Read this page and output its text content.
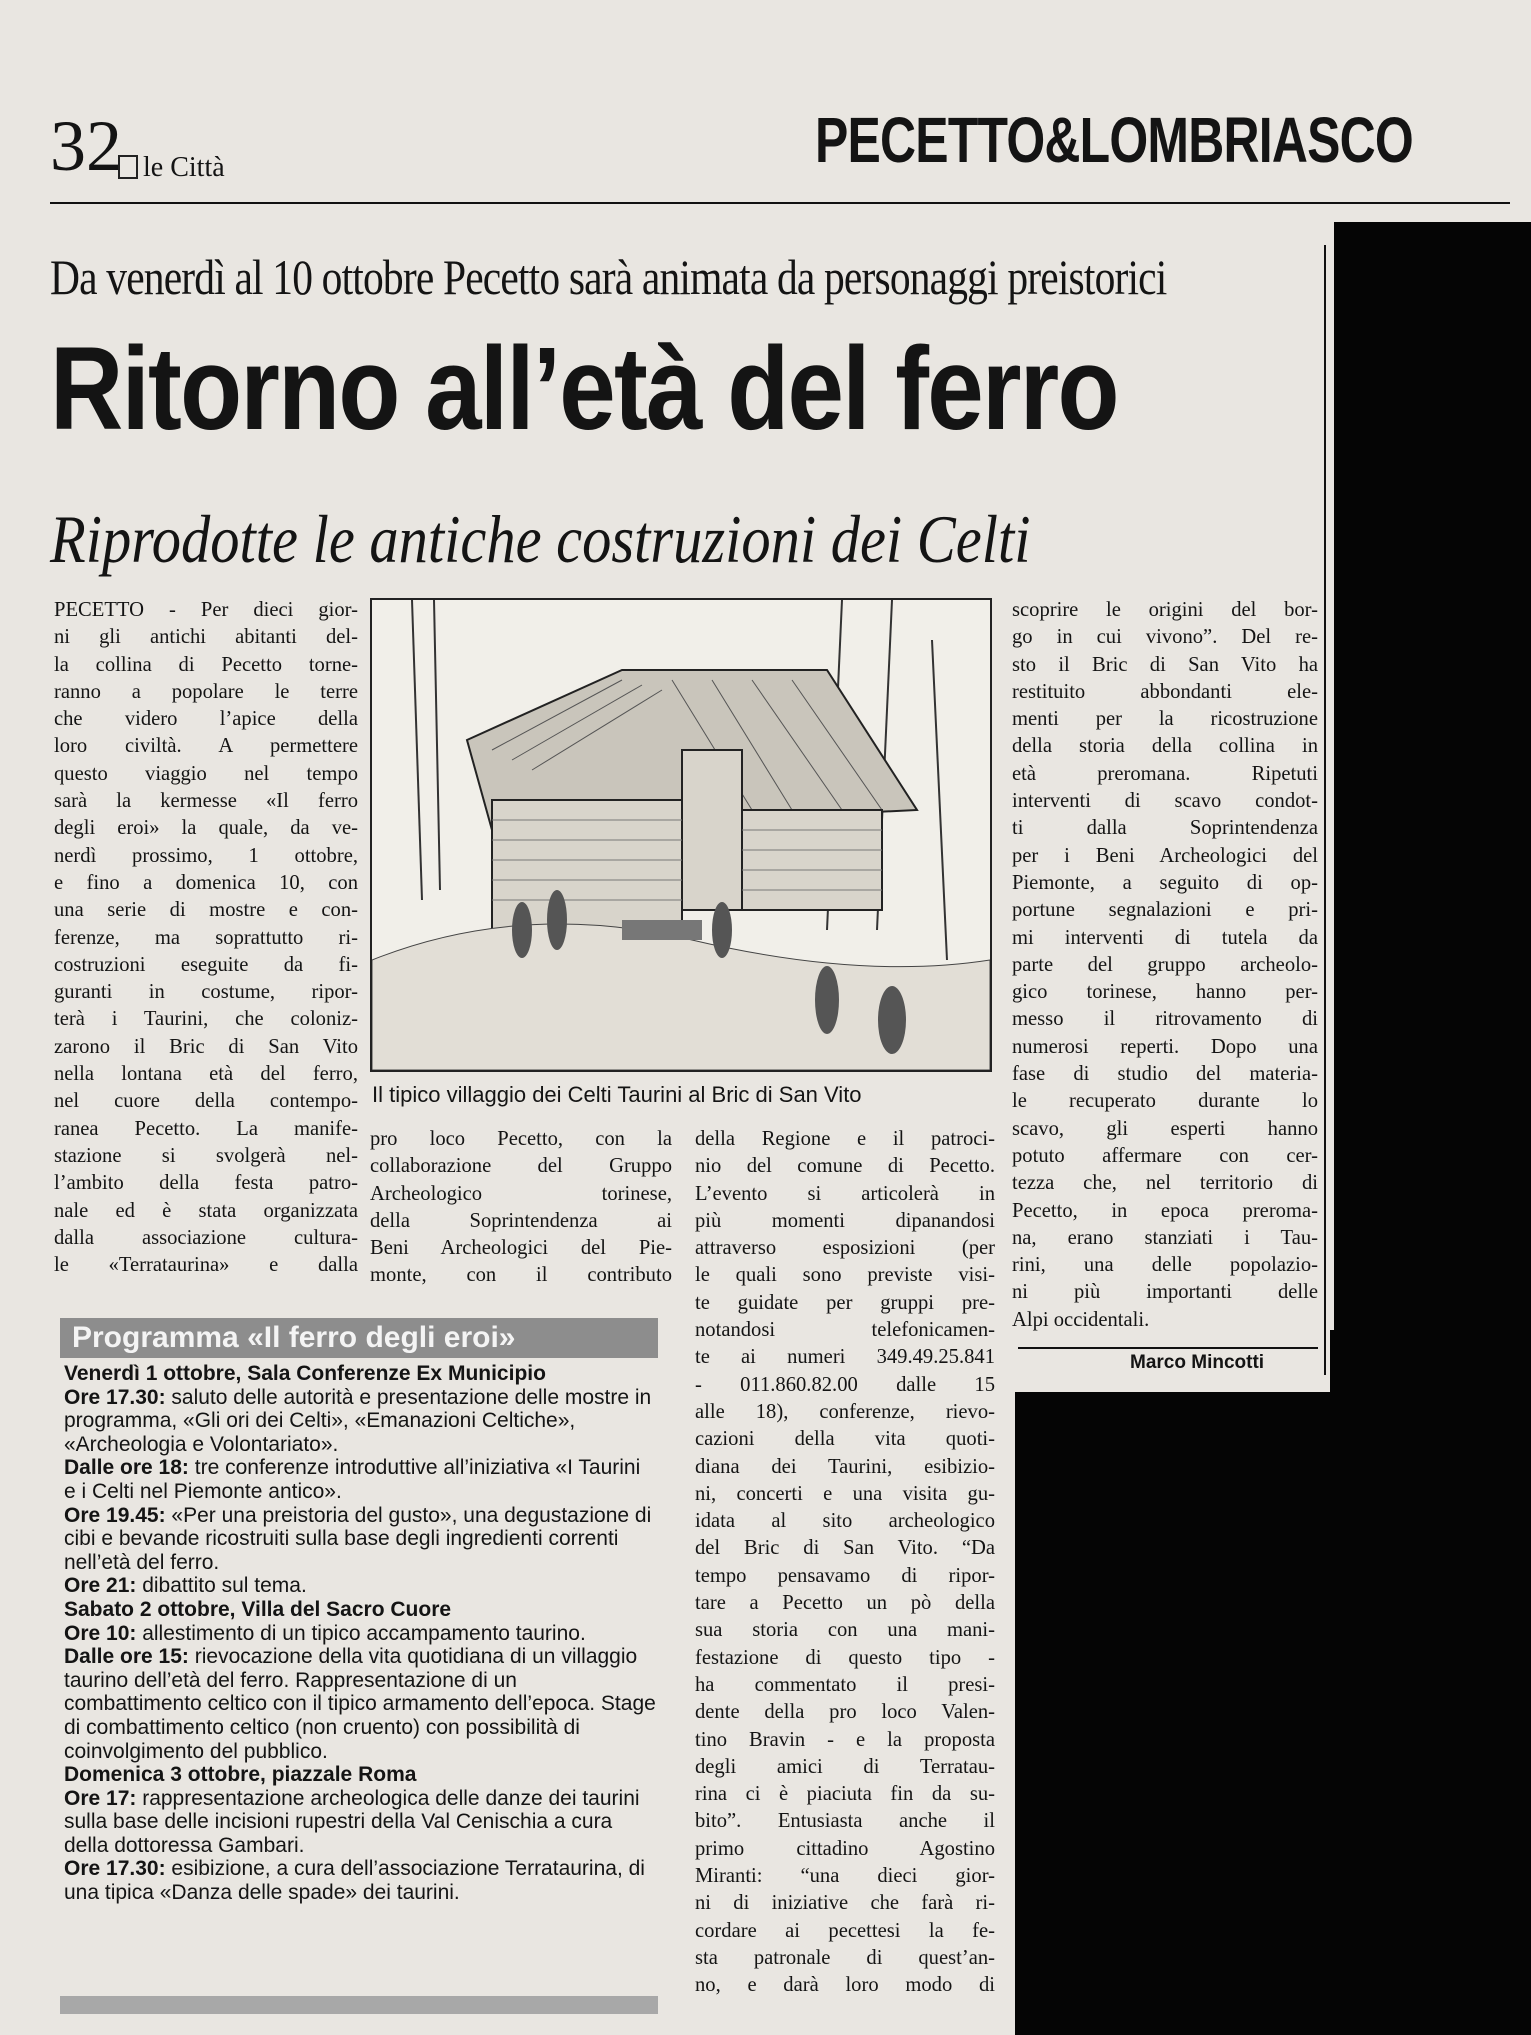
32 le Città	PECETTO&LOMBRIASCO
Da venerdì al 10 ottobre Pecetto sarà animata da personaggi preistorici
Ritorno all’età del ferro
Riprodotte le antiche costruzioni dei Celti
PECETTO - Per dieci gior-
ni gli antichi abitanti del-
la collina di Pecetto torne-
ranno a popolare le terre
che videro l’apice della
loro civiltà. A permettere
questo viaggio nel tempo
sarà la kermesse «Il ferro
degli eroi» la quale, da ve-
nerdì prossimo, 1 ottobre,
e fino a domenica 10, con
una serie di mostre e con-
ferenze, ma soprattutto ri-
costruzioni eseguite da fi-
guranti in costume, ripor-
terà i Taurini, che coloniz-
zarono il Bric di San Vito
nella lontana età del ferro,
nel cuore della contempo-
ranea Pecetto. La manife-
stazione si svolgerà nel-
l’ambito della festa patro-
nale ed è stata organizzata
dalla associazione cultura-
le «Terrataurina» e dalla
Il tipico villaggio dei Celti Taurini al Bric di San Vito
pro loco Pecetto, con la
collaborazione del Gruppo
Archeologico torinese,
della Soprintendenza ai
Beni Archeologici del Pie-
monte, con il contributo
della Regione e il patroci-
nio del comune di Pecetto.
L’evento si articolerà in
più momenti dipanandosi
attraverso esposizioni (per
le quali sono previste visi-
te guidate per gruppi pre-
notandosi telefonicamen-
te ai numeri 349.49.25.841
- 011.860.82.00 dalle 15
alle 18), conferenze, rievo-
cazioni della vita quoti-
diana dei Taurini, esibizio-
ni, concerti e una visita gu-
idata al sito archeologico
del Bric di San Vito. “Da
tempo pensavamo di ripor-
tare a Pecetto un pò della
sua storia con una mani-
festazione di questo tipo -
ha commentato il presi-
dente della pro loco Valen-
tino Bravin - e la proposta
degli amici di Terratau-
rina ci è piaciuta fin da su-
bito”. Entusiasta anche il
primo cittadino Agostino
Miranti: “una dieci gior-
ni di iniziative che farà ri-
cordare ai pecettesi la fe-
sta patronale di quest’an-
no, e darà loro modo di
scoprire le origini del bor-
go in cui vivono”. Del re-
sto il Bric di San Vito ha
restituito abbondanti ele-
menti per la ricostruzione
della storia della collina in
età preromana. Ripetuti
interventi di scavo condot-
ti dalla Soprintendenza
per i Beni Archeologici del
Piemonte, a seguito di op-
portune segnalazioni e pri-
mi interventi di tutela da
parte del gruppo archeolo-
gico torinese, hanno per-
messo il ritrovamento di
numerosi reperti. Dopo una
fase di studio del materia-
le recuperato durante lo
scavo, gli esperti hanno
potuto affermare con cer-
tezza che, nel territorio di
Pecetto, in epoca preroma-
na, erano stanziati i Tau-
rini, una delle popolazio-
ni più importanti delle
Alpi occidentali.
Marco Mincotti
Programma «Il ferro degli eroi»

Venerdì 1 ottobre, Sala Conferenze Ex Municipio

Ore 17.30: saluto delle autorità e presentazione delle mostre in programma, «Gli ori dei Celti», «Emanazioni Celtiche», «Archeologia e Volontariato».

Dalle ore 18: tre conferenze introduttive all’iniziativa «I Taurini e i Celti nel Piemonte antico».

Ore 19.45: «Per una preistoria del gusto», una degustazione di cibi e bevande ricostruiti sulla base degli ingredienti correnti nell’età del ferro.

Ore 21: dibattito sul tema.

Sabato 2 ottobre, Villa del Sacro Cuore

Ore 10: allestimento di un tipico accampamento taurino.

Dalle ore 15: rievocazione della vita quotidiana di un villaggio taurino dell’età del ferro. Rappresentazione di un combattimento celtico con il tipico armamento dell’epoca. Stage di combattimento celtico (non cruento) con possibilità di coinvolgimento del pubblico.

Domenica 3 ottobre, piazzale Roma

Ore 17: rappresentazione archeologica delle danze dei taurini sulla base delle incisioni rupestri della Val Cenischia a cura della dottoressa Gambari.

Ore 17.30: esibizione, a cura dell’associazione Terrataurina, di una tipica «Danza delle spade» dei taurini.
